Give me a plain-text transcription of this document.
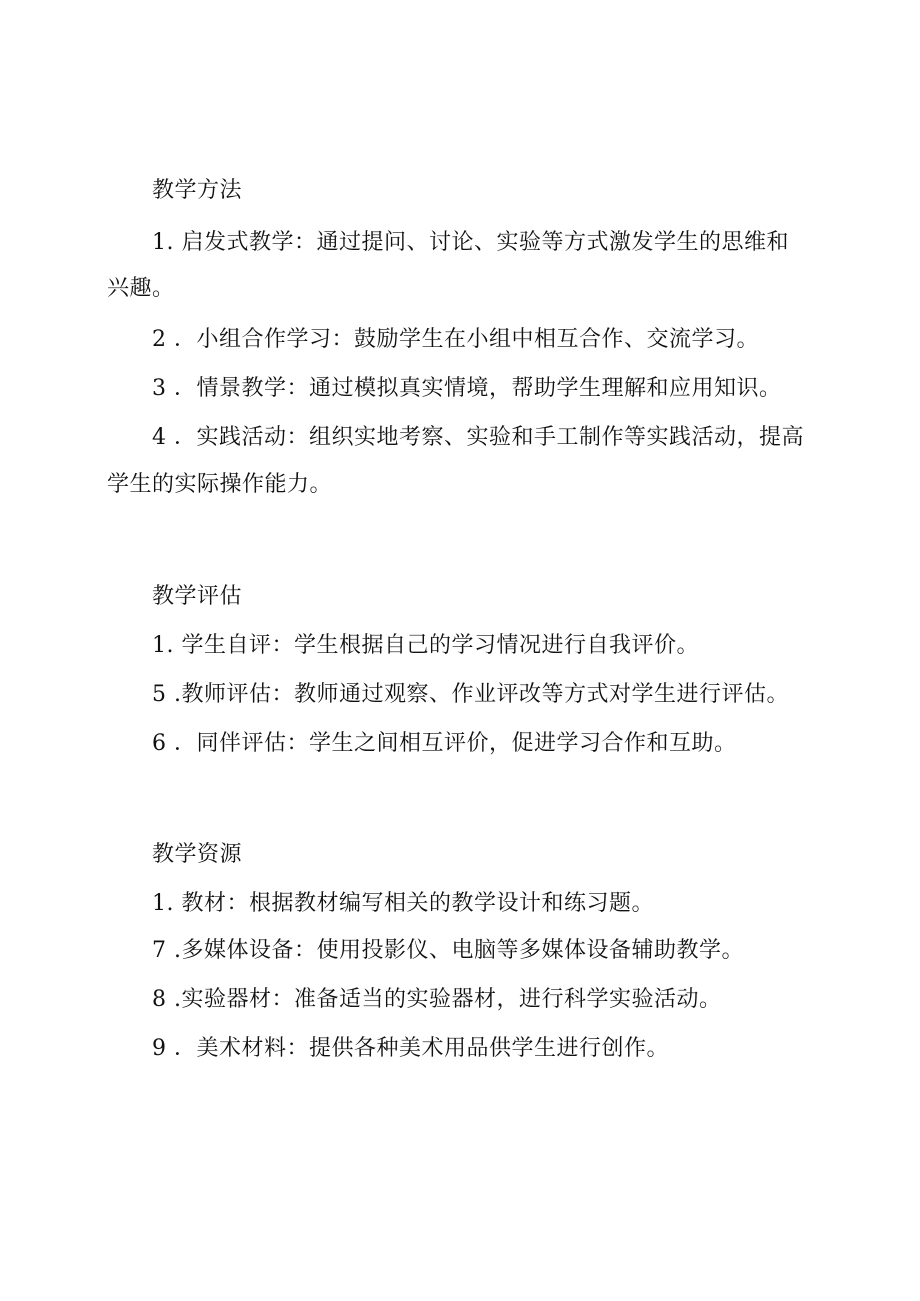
教学方法
1. 启发式教学：通过提问、讨论、实验等方式激发学生的思维和
兴趣。
2 ．小组合作学习：鼓励学生在小组中相互合作、交流学习。
3 ．情景教学：通过模拟真实情境，帮助学生理解和应用知识。
4 ．实践活动：组织实地考察、实验和手工制作等实践活动，提高
学生的实际操作能力。
教学评估
1. 学生自评：学生根据自己的学习情况进行自我评价。
5 .教师评估：教师通过观察、作业评改等方式对学生进行评估。
6 ．同伴评估：学生之间相互评价，促进学习合作和互助。
教学资源
1. 教材：根据教材编写相关的教学设计和练习题。
7 .多媒体设备：使用投影仪、电脑等多媒体设备辅助教学。
8 .实验器材：准备适当的实验器材，进行科学实验活动。
9 ．美术材料：提供各种美术用品供学生进行创作。
